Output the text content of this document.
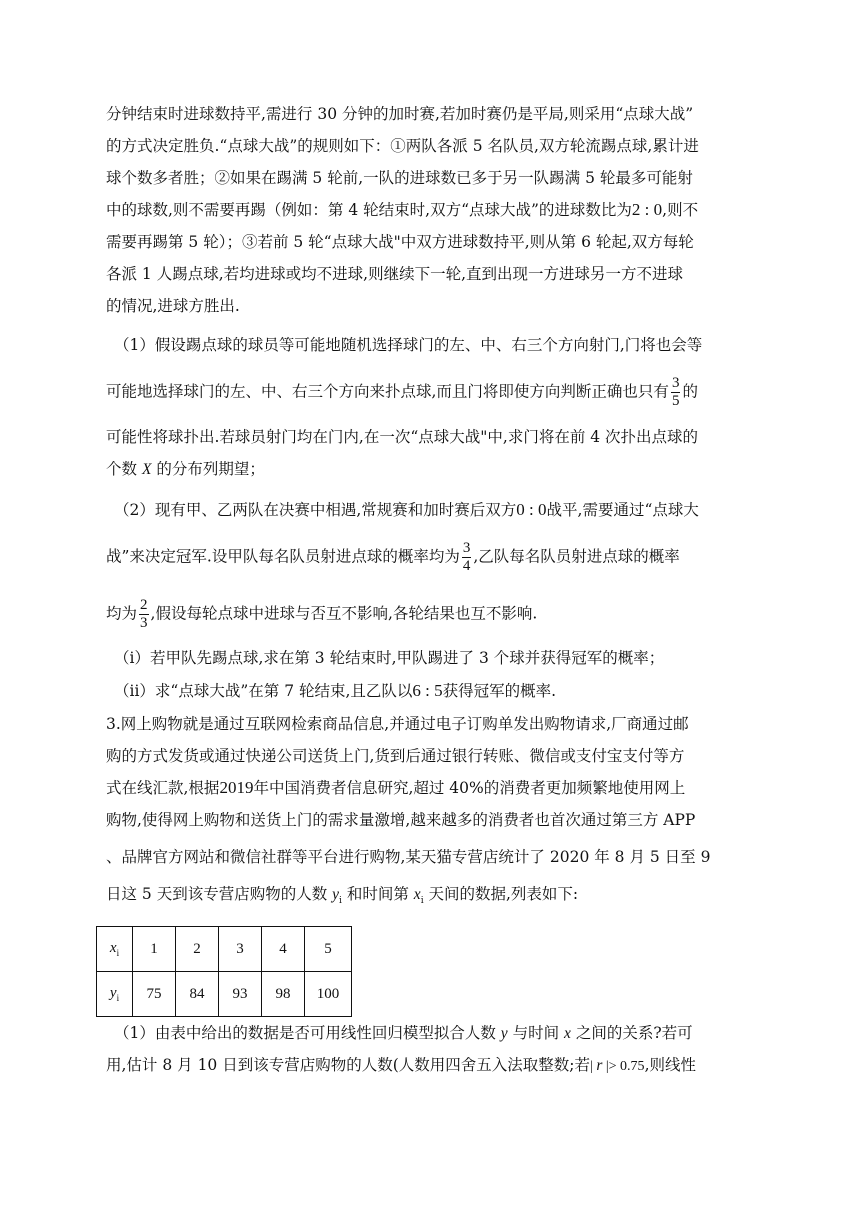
分钟结束时进球数持平,需进行 30 分钟的加时赛,若加时赛仍是平局,则采用“点球大战”
的方式决定胜负.“点球大战”的规则如下：①两队各派 5 名队员,双方轮流踢点球,累计进
球个数多者胜；②如果在踢满 5 轮前,一队的进球数已多于另一队踢满 5 轮最多可能射
中的球数,则不需要再踢（例如：第 4 轮结束时,双方“点球大战”的进球数比为2 : 0,则不
需要再踢第 5 轮）；③若前 5 轮“点球大战"中双方进球数持平,则从第 6 轮起,双方每轮
各派 1 人踢点球,若均进球或均不进球,则继续下一轮,直到出现一方进球另一方不进球
的情况,进球方胜出.
（1）假设踢点球的球员等可能地随机选择球门的左、中、右三个方向射门,门将也会等
可能地选择球门的左、中、右三个方向来扑点球,而且门将即使方向判断正确也只有 $\frac{3}{5}$ 的
可能性将球扑出.若球员射门均在门内,在一次“点球大战"中,求门将在前 4 次扑出点球的
个数 X 的分布列期望；
（2）现有甲、乙两队在决赛中相遇,常规赛和加时赛后双方0 : 0战平,需要通过“点球大
战”来决定冠军.设甲队每名队员射进点球的概率均为 $\frac{3}{4}$ ,乙队每名队员射进点球的概率
均为 $\frac{2}{3}$ ,假设每轮点球中进球与否互不影响,各轮结果也互不影响.
（i）若甲队先踢点球,求在第 3 轮结束时,甲队踢进了 3 个球并获得冠军的概率；
（ii）求“点球大战”在第 7 轮结束,且乙队以6 : 5获得冠军的概率.
3.网上购物就是通过互联网检索商品信息,并通过电子订购单发出购物请求,厂商通过邮
购的方式发货或通过快递公司送货上门,货到后通过银行转账、微信或支付宝支付等方
式在线汇款,根据2019年中国消费者信息研究,超过 40%的消费者更加频繁地使用网上
购物,使得网上购物和送货上门的需求量激增,越来越多的消费者也首次通过第三方 APP
、品牌官方网站和微信社群等平台进行购物,某天猫专营店统计了 2020 年 8 月 5 日至 9
日这 5 天到该专营店购物的人数 $y_i$ 和时间第 $x_i$ 天间的数据,列表如下:
$x_i$	1	2	3	4	5
$y_i$	75	84	93	98	100
（1）由表中给出的数据是否可用线性回归模型拟合人数 y 与时间 x 之间的关系?若可
用,估计 8 月 10 日到该专营店购物的人数(人数用四舍五入法取整数;若| r |> 0.75,则线性
